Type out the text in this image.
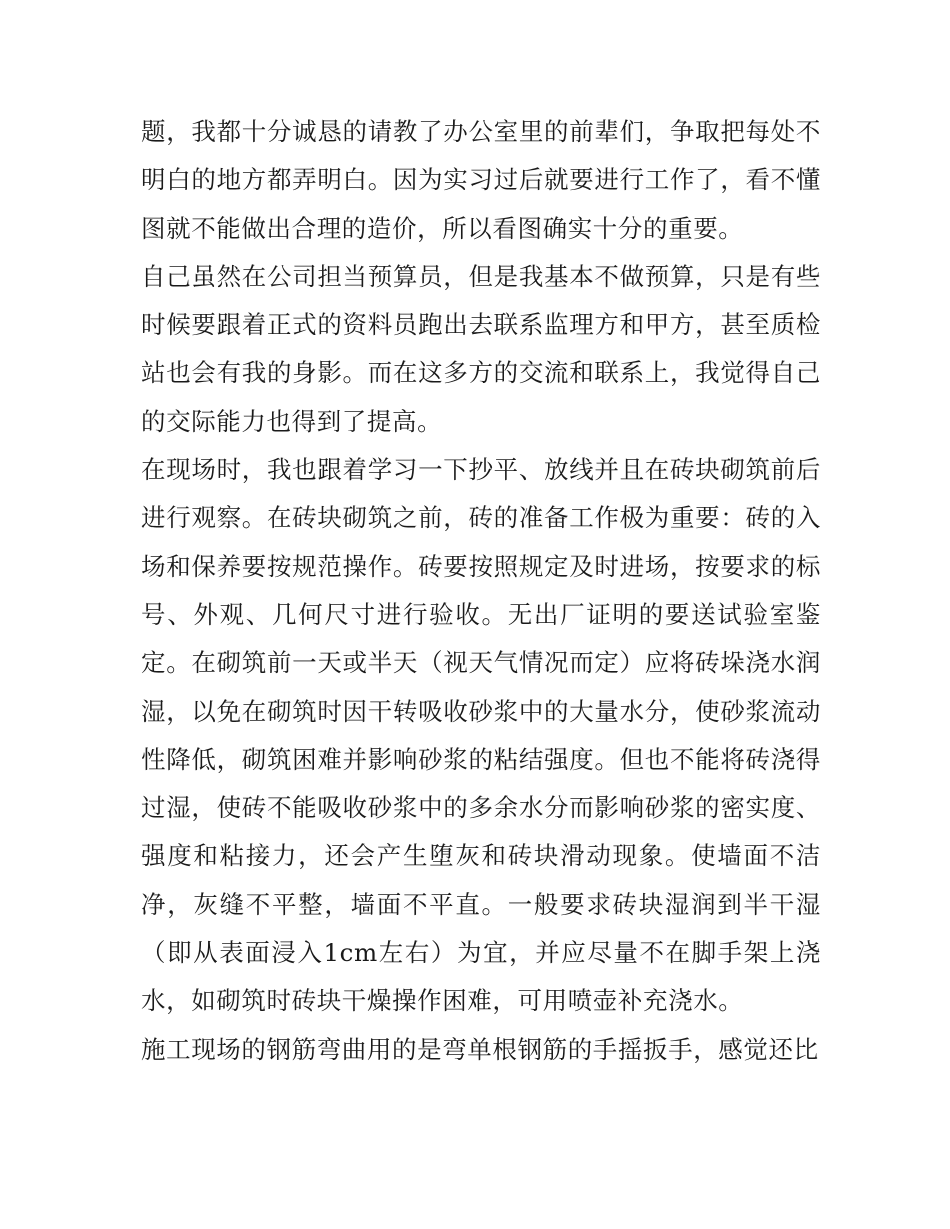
题，我都十分诚恳的请教了办公室里的前辈们，争取把每处不明白的地方都弄明白。因为实习过后就要进行工作了，看不懂图就不能做出合理的造价，所以看图确实十分的重要。

自己虽然在公司担当预算员，但是我基本不做预算，只是有些时候要跟着正式的资料员跑出去联系监理方和甲方，甚至质检站也会有我的身影。而在这多方的交流和联系上，我觉得自己的交际能力也得到了提高。

在现场时，我也跟着学习一下抄平、放线并且在砖块砌筑前后进行观察。在砖块砌筑之前，砖的准备工作极为重要：砖的入场和保养要按规范操作。砖要按照规定及时进场，按要求的标号、外观、几何尺寸进行验收。无出厂证明的要送试验室鉴定。在砌筑前一天或半天（视天气情况而定）应将砖垛浇水润湿，以免在砌筑时因干转吸收砂浆中的大量水分，使砂浆流动性降低，砌筑困难并影响砂浆的粘结强度。但也不能将砖浇得过湿，使砖不能吸收砂浆中的多余水分而影响砂浆的密实度、强度和粘接力，还会产生堕灰和砖块滑动现象。使墙面不洁净，灰缝不平整，墙面不平直。一般要求砖块湿润到半干湿（即从表面浸入1cm左右）为宜，并应尽量不在脚手架上浇水，如砌筑时砖块干燥操作困难，可用喷壶补充浇水。

施工现场的钢筋弯曲用的是弯单根钢筋的手摇扳手，感觉还比
